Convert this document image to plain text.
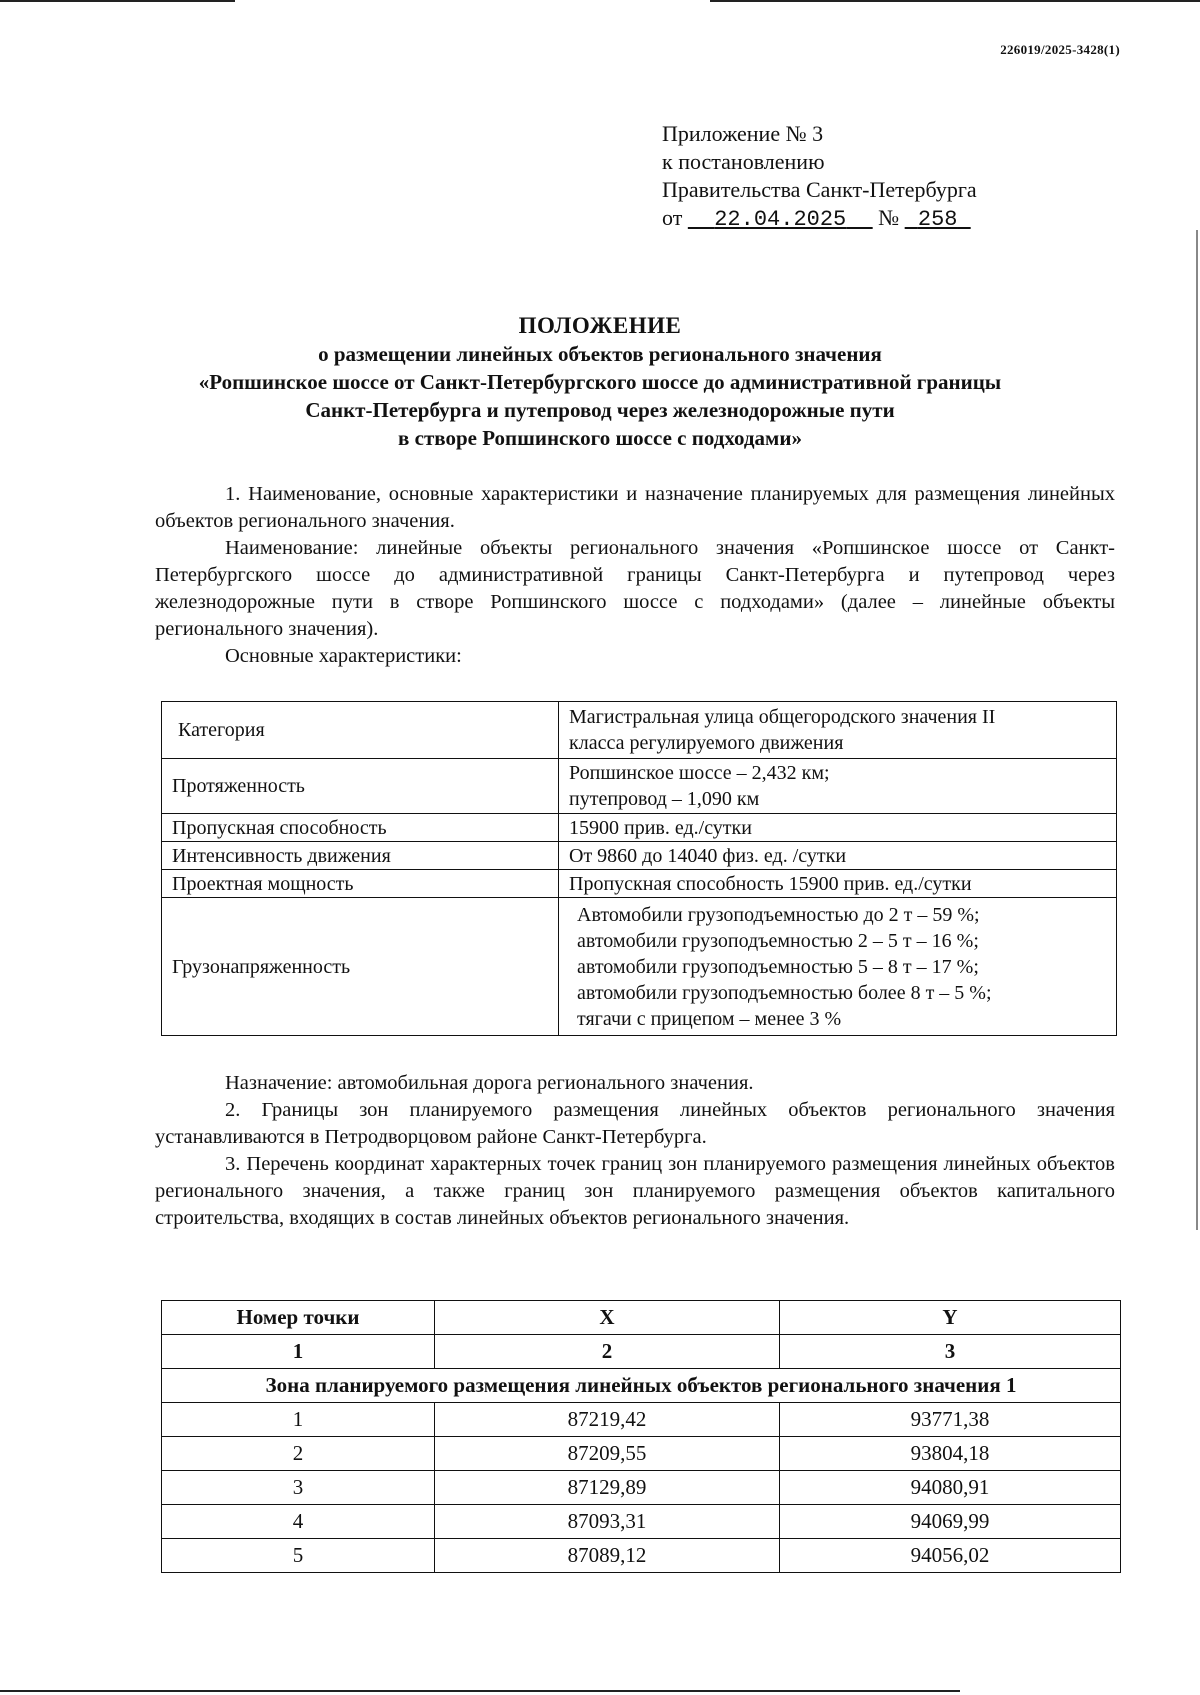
226019/2025-3428(1)
Приложение № 3
к постановлению
Правительства Санкт-Петербурга
от 22.04.2025 № 258
ПОЛОЖЕНИЕ
о размещении линейных объектов регионального значения
«Ропшинское шоссе от Санкт-Петербургского шоссе до административной границы
Санкт-Петербурга и путепровод через железнодорожные пути
в створе Ропшинского шоссе с подходами»
1. Наименование, основные характеристики и назначение планируемых для размещения линейных объектов регионального значения.
Наименование: линейные объекты регионального значения «Ропшинское шоссе от Санкт-Петербургского шоссе до административной границы Санкт-Петербурга и путепровод через железнодорожные пути в створе Ропшинского шоссе с подходами» (далее – линейные объекты регионального значения).
Основные характеристики:
Категория	Магистральная улица общегородского значения II
класса регулируемого движения

Протяженность	Ропшинское шоссе – 2,432 км;
путепровод – 1,090 км

Пропускная способность	15900 прив. ед./сутки

Интенсивность движения	От 9860 до 14040 физ. ед. /сутки

Проектная мощность	Пропускная способность 15900 прив. ед./сутки

Грузонапряженность	Автомобили грузоподъемностью до 2 т – 59 %;
автомобили грузоподъемностью 2 – 5 т – 16 %;
автомобили грузоподъемностью 5 – 8 т – 17 %;
автомобили грузоподъемностью более 8 т – 5 %;
тягачи с прицепом – менее 3 %
Назначение: автомобильная дорога регионального значения.
2. Границы зон планируемого размещения линейных объектов регионального значения устанавливаются в Петродворцовом районе Санкт-Петербурга.
3. Перечень координат характерных точек границ зон планируемого размещения линейных объектов регионального значения, а также границ зон планируемого размещения объектов капитального строительства, входящих в состав линейных объектов регионального значения.
Номер точки	X	Y
1	2	3
Зона планируемого размещения линейных объектов регионального значения 1		
1	87219,42	93771,38
2	87209,55	93804,18
3	87129,89	94080,91
4	87093,31	94069,99
5	87089,12	94056,02
